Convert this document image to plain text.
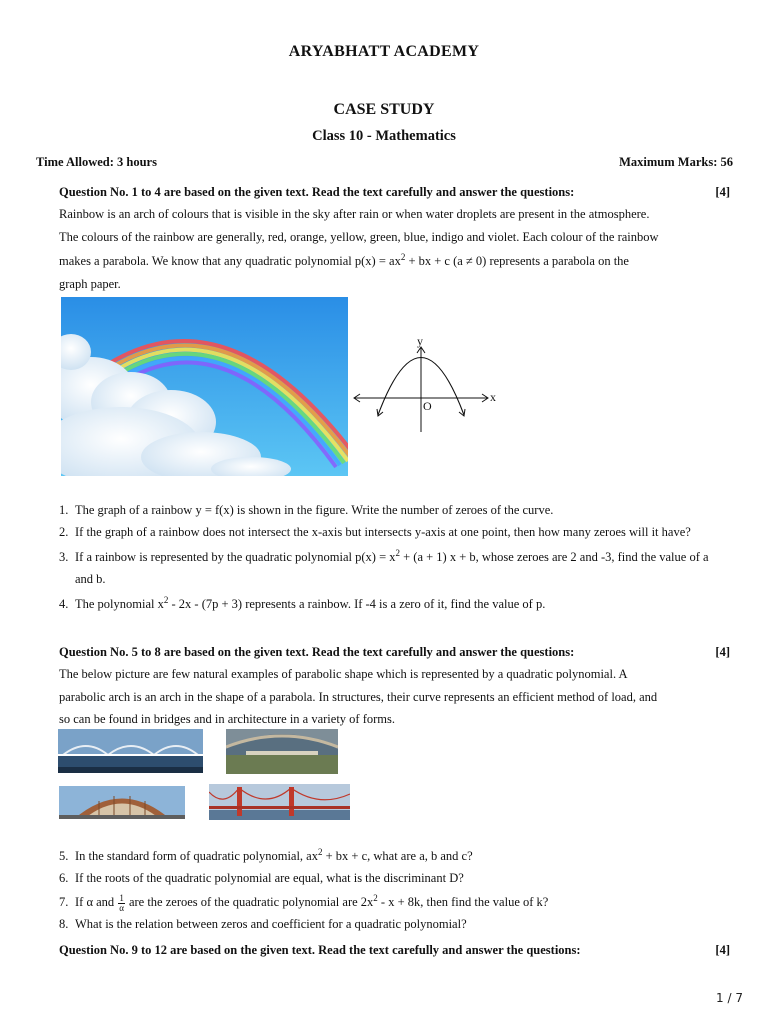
ARYABHATT ACADEMY
CASE STUDY
Class 10 - Mathematics
Time Allowed: 3 hours	Maximum Marks: 56
Question No. 1 to 4 are based on the given text. Read the text carefully and answer the questions:	[4]
Rainbow is an arch of colours that is visible in the sky after rain or when water droplets are present in the atmosphere.
The colours of the rainbow are generally, red, orange, yellow, green, blue, indigo and violet. Each colour of the rainbow
makes a parabola. We know that any quadratic polynomial $p(x) = ax^2$ + bx + c (a ≠ 0) represents a parabola on the
graph paper.
y
x
O
1. The graph of a rainbow y = f(x) is shown in the figure. Write the number of zeroes of the curve.
2. If the graph of a rainbow does not intersect the x-axis but intersects y-axis at one point, then how many zeroes will it have?
3. If a rainbow is represented by the quadratic polynomial $p(x) = x^2 + (a + 1) x + b$, whose zeroes are 2 and -3, find the value of a and b.
4. The polynomial $x^2 - 2x - (7p + 3)$ represents a rainbow. If -4 is a zero of it, find the value of p.
Question No. 5 to 8 are based on the given text. Read the text carefully and answer the questions:	[4]
The below picture are few natural examples of parabolic shape which is represented by a quadratic polynomial. A
parabolic arch is an arch in the shape of a parabola. In structures, their curve represents an efficient method of load, and
so can be found in bridges and in architecture in a variety of forms.
5. In the standard form of quadratic polynomial, $ax^2$ + bx + c, what are a, b and c?
6. If the roots of the quadratic polynomial are equal, what is the discriminant D?
7. If α and $\frac{1}{\alpha}$ are the zeroes of the quadratic polynomial are $2x^2 - x + 8k$, then find the value of k?
8. What is the relation between zeros and coefficient for a quadratic polynomial?
Question No. 9 to 12 are based on the given text. Read the text carefully and answer the questions:	[4]
1 / 7
